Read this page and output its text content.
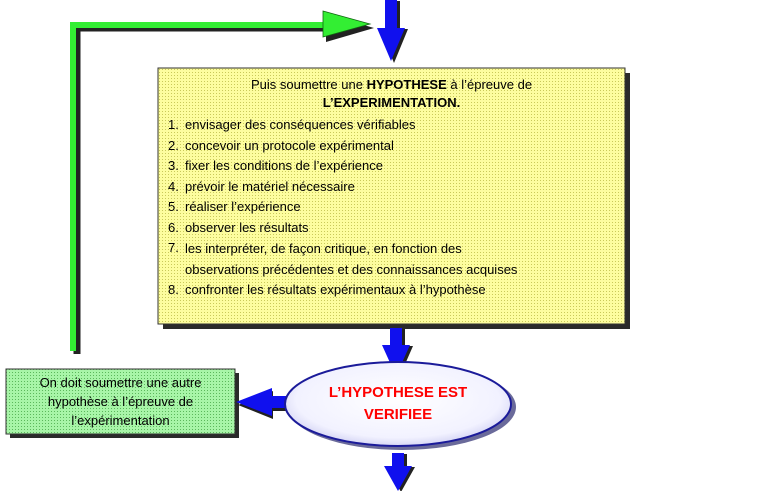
Puis soumettre une HYPOTHESE à l’épreuve de
L’EXPERIMENTATION.
1. envisager des conséquences vérifiables
2. concevoir un protocole expérimental
3. fixer les conditions de l’expérience
4. prévoir le matériel nécessaire
5. réaliser l’expérience
6. observer les résultats
7. les interpréter, de façon critique, en fonction des
observations précédentes et des connaissances acquises
8. confronter les résultats expérimentaux à l’hypothèse
On doit soumettre une autre
hypothèse à l’épreuve de
l’expérimentation
L’HYPOTHESE EST
VERIFIEE
